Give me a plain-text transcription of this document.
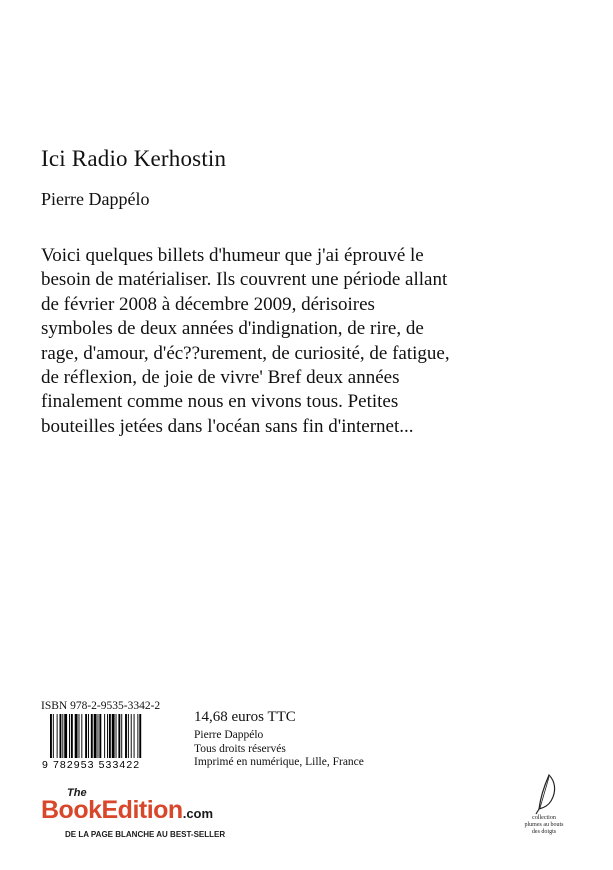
Ici Radio Kerhostin
Pierre Dappélo

Voici quelques billets d'humeur que j'ai éprouvé le besoin de matérialiser. Ils couvrent une période allant de février 2008 à décembre 2009, dérisoires symboles de deux années d'indignation, de rire, de rage, d'amour, d'éc??urement, de curiosité, de fatigue, de réflexion, de joie de vivre' Bref deux années finalement comme nous en vivons tous. Petites bouteilles jetées dans l'océan sans fin d'internet...

ISBN 978-2-9535-3342-2
9 782953 533422
14,68 euros TTC
Pierre Dappélo
Tous droits réservés
Imprimé en numérique, Lille, France
The
BookEdition.com
DE LA PAGE BLANCHE AU BEST-SELLER
collection plumes au bouts des doigts
